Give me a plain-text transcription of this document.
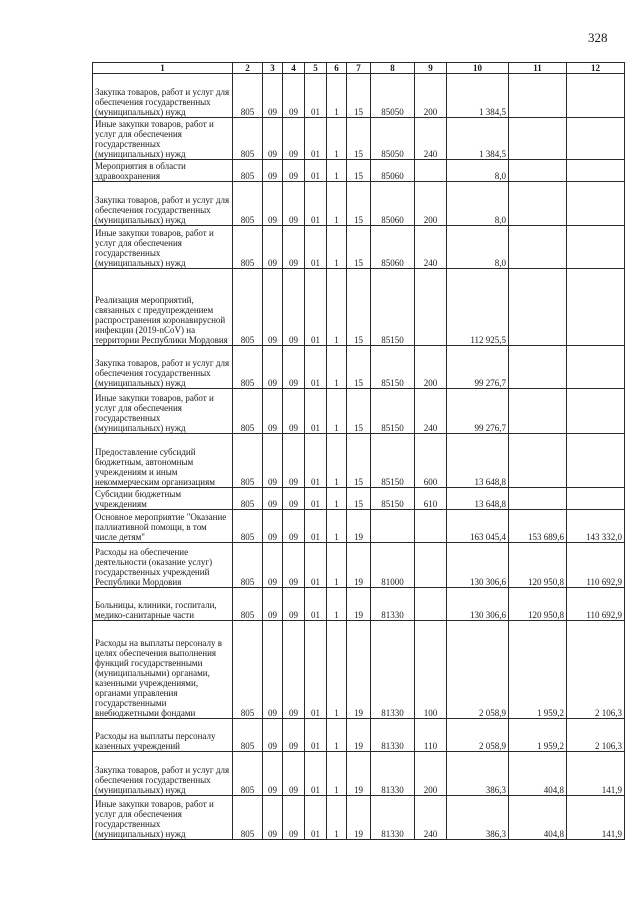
328
1	2	3	4	5	6	7	8	9	10	11	12
Закупка товаров, работ и услуг для обеспечения государственных (муниципальных) нужд	805	09	09	01	1	15	85050	200	1 384,5		
Иные закупки товаров, работ и услуг для обеспечения государственных (муниципальных) нужд	805	09	09	01	1	15	85050	240	1 384,5		
Мероприятия в области здравоохранения	805	09	09	01	1	15	85060		8,0		
Закупка товаров, работ и услуг для обеспечения государственных (муниципальных) нужд	805	09	09	01	1	15	85060	200	8,0		
Иные закупки товаров, работ и услуг для обеспечения государственных (муниципальных) нужд	805	09	09	01	1	15	85060	240	8,0		
Реализация мероприятий, связанных с предупреждением распространения коронавирусной инфекции (2019-nCoV) на территории Республики Мордовия	805	09	09	01	1	15	85150		112 925,5		
Закупка товаров, работ и услуг для обеспечения государственных (муниципальных) нужд	805	09	09	01	1	15	85150	200	99 276,7		
Иные закупки товаров, работ и услуг для обеспечения государственных (муниципальных) нужд	805	09	09	01	1	15	85150	240	99 276,7		
Предоставление субсидий бюджетным, автономным учреждениям и иным некоммерческим организациям	805	09	09	01	1	15	85150	600	13 648,8		
Субсидии бюджетным учреждениям	805	09	09	01	1	15	85150	610	13 648,8		
Основное мероприятие "Оказание паллиативной помощи, в том числе детям"	805	09	09	01	1	19			163 045,4	153 689,6	143 332,0
Расходы на обеспечение деятельности (оказание услуг) государственных учреждений Республики Мордовия	805	09	09	01	1	19	81000		130 306,6	120 950,8	110 692,9
Больницы, клиники, госпитали, медико-санитарные части	805	09	09	01	1	19	81330		130 306,6	120 950,8	110 692,9
Расходы на выплаты персоналу в целях обеспечения выполнения функций государственными (муниципальными) органами, казенными учреждениями, органами управления государственными внебюджетными фондами	805	09	09	01	1	19	81330	100	2 058,9	1 959,2	2 106,3
Расходы на выплаты персоналу казенных учреждений	805	09	09	01	1	19	81330	110	2 058,9	1 959,2	2 106,3
Закупка товаров, работ и услуг для обеспечения государственных (муниципальных) нужд	805	09	09	01	1	19	81330	200	386,3	404,8	141,9
Иные закупки товаров, работ и услуг для обеспечения государственных (муниципальных) нужд	805	09	09	01	1	19	81330	240	386,3	404,8	141,9
